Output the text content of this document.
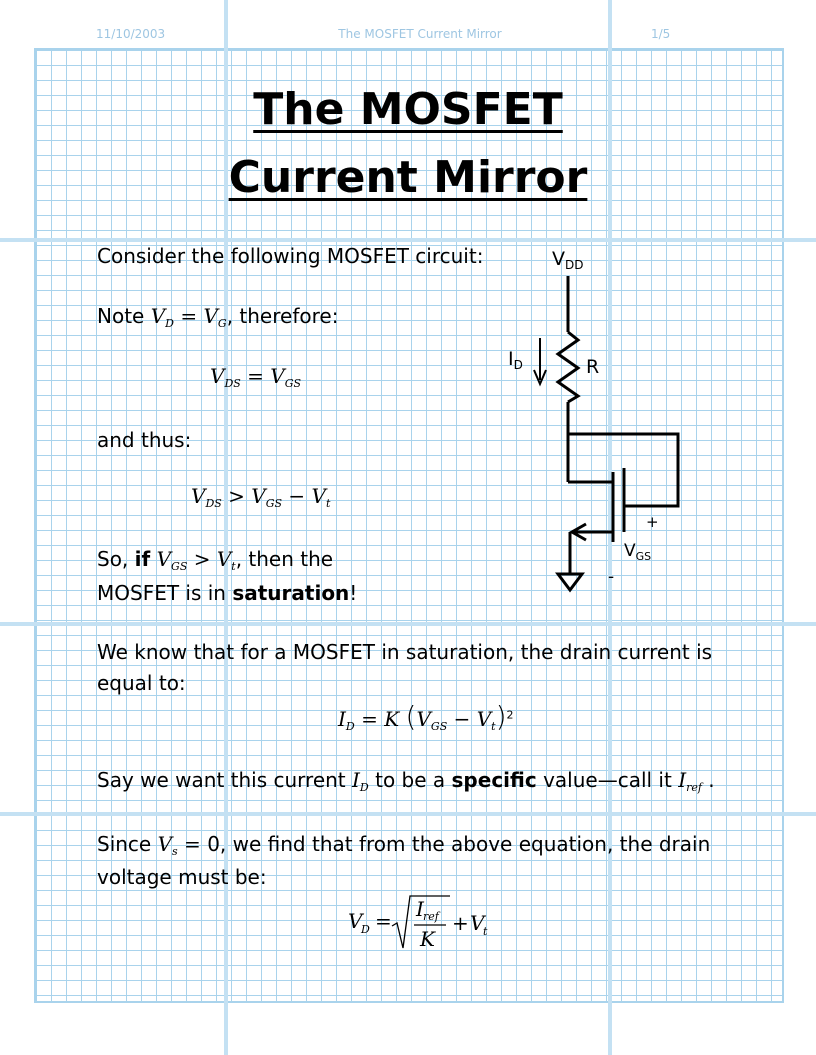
11/10/2003	The MOSFET Current Mirror	1/5
The MOSFET
Current Mirror
Consider the following MOSFET circuit:
Note $V_D = V_G$, therefore:
$V_{DS} = V_{GS}$
and thus:
$V_{DS} > V_{GS} - V_t$
So, if $V_{GS} > V_t$, then the
MOSFET is in saturation!
We know that for a MOSFET in saturation, the drain current is
equal to:
$I_D = K$ $(V_{GS} - V_t)^2$
Say we want this current $I_D$ to be a specific value—call it $I_{ref}$ .
Since $V_s = 0$, we find that from the above equation, the drain
voltage must be:
V
D = I ref
K
+ V
t
$V_{DD}$
R
$I_D$
+
$V_{GS}$
-
